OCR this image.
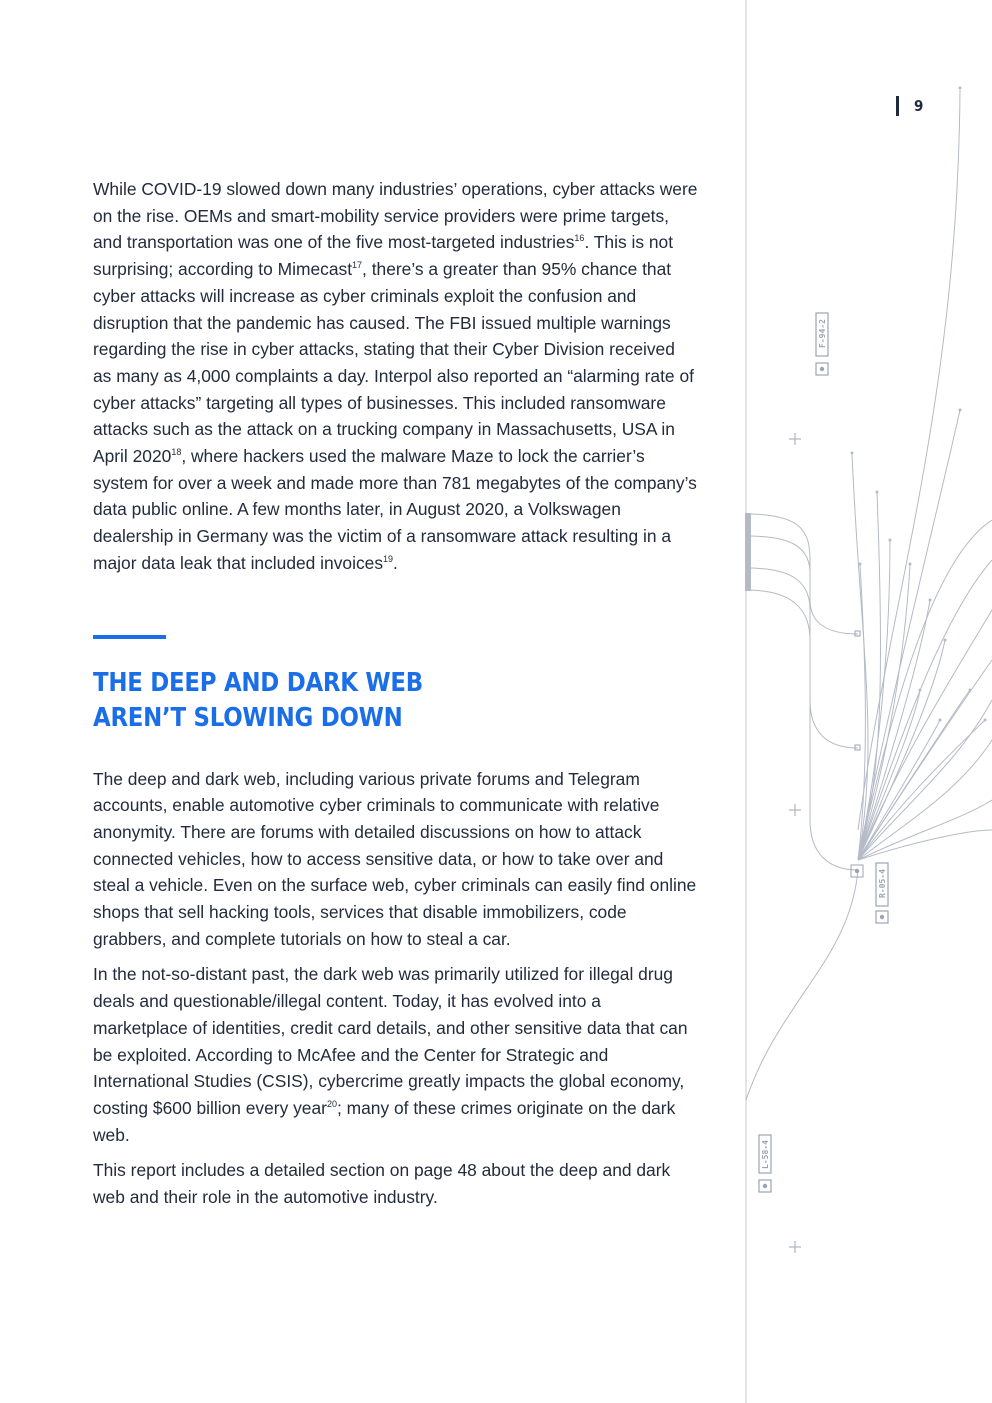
9

While COVID-19 slowed down many industries’ operations, cyber attacks were on the rise. OEMs and smart-mobility service providers were prime targets, and transportation was one of the five most-targeted industries$^{16}$. This is not surprising; according to Mimecast$^{17}$, there’s a greater than 95% chance that cyber attacks will increase as cyber criminals exploit the confusion and disruption that the pandemic has caused. The FBI issued multiple warnings regarding the rise in cyber attacks, stating that their Cyber Division received as many as 4,000 complaints a day. Interpol also reported an “alarming rate of cyber attacks” targeting all types of businesses. This included ransomware attacks such as the attack on a trucking company in Massachusetts, USA in April 2020$^{18}$, where hackers used the malware Maze to lock the carrier’s system for over a week and made more than 781 megabytes of the company’s data public online. A few months later, in August 2020, a Volkswagen dealership in Germany was the victim of a ransomware attack resulting in a major data leak that included invoices$^{19}$.

THE DEEP AND DARK WEB
AREN’T SLOWING DOWN

The deep and dark web, including various private forums and Telegram accounts, enable automotive cyber criminals to communicate with relative anonymity. There are forums with detailed discussions on how to attack connected vehicles, how to access sensitive data, or how to take over and steal a vehicle. Even on the surface web, cyber criminals can easily find online shops that sell hacking tools, services that disable immobilizers, code grabbers, and complete tutorials on how to steal a car.

In the not-so-distant past, the dark web was primarily utilized for illegal drug deals and questionable/illegal content. Today, it has evolved into a marketplace of identities, credit card details, and other sensitive data that can be exploited. According to McAfee and the Center for Strategic and International Studies (CSIS), cybercrime greatly impacts the global economy, costing $600 billion every year$^{20}$; many of these crimes originate on the dark web.

This report includes a detailed section on page 48 about the deep and dark web and their role in the automotive industry.

F-94-2
R-05-4
L-58-4
